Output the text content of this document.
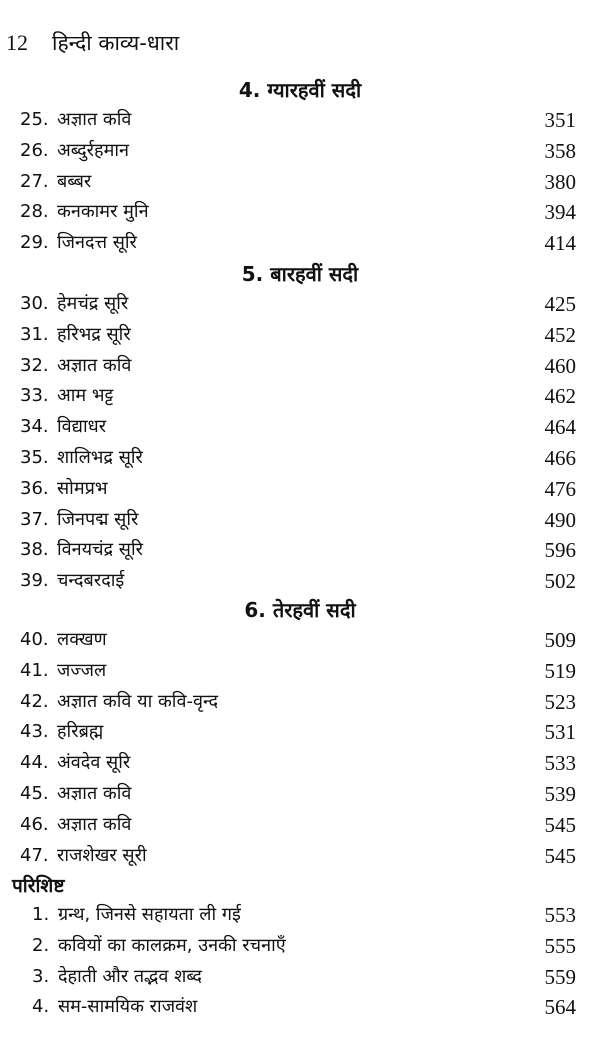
12	हिन्दी काव्य-धारा
4. ग्यारहवीं सदी
25. अज्ञात कवि	351
26. अब्दुर्रहमान	358
27. बब्बर	380
28. कनकामर मुनि	394
29. जिनदत्त सूरि	414
5. बारहवीं सदी
30. हेमचंद्र सूरि	425
31. हरिभद्र सूरि	452
32. अज्ञात कवि	460
33. आम भट्ट	462
34. विद्याधर	464
35. शालिभद्र सूरि	466
36. सोमप्रभ	476
37. जिनपद्म सूरि	490
38. विनयचंद्र सूरि	596
39. चन्दबरदाई	502
6. तेरहवीं सदी
40. लक्खण	509
41. जज्जल	519
42. अज्ञात कवि या कवि-वृन्द	523
43. हरिब्रह्म	531
44. अंवदेव सूरि	533
45. अज्ञात कवि	539
46. अज्ञात कवि	545
47. राजशेखर सूरी	545
परिशिष्ट
1. ग्रन्थ, जिनसे सहायता ली गई	553
2. कवियों का कालक्रम, उनकी रचनाएँ	555
3. देहाती और तद्भव शब्द	559
4. सम-सामयिक राजवंश	564
